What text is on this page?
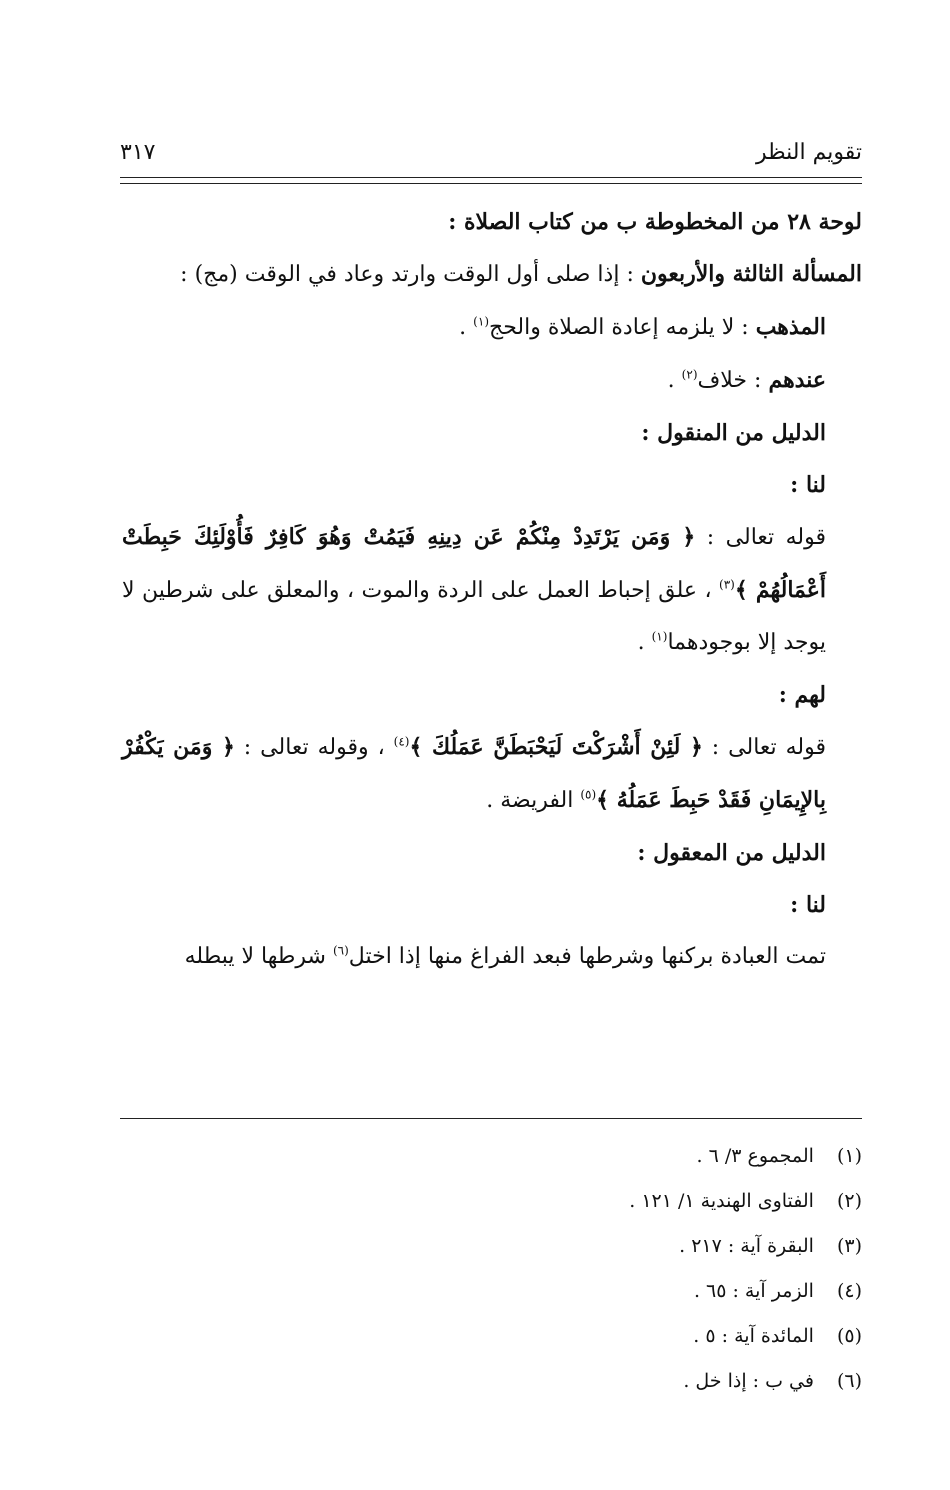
تقويم النظر
٣١٧

لوحة ٢٨ من المخطوطة ب من كتاب الصلاة :

المسألة الثالثة والأربعون : إذا صلى أول الوقت وارتد وعاد في الوقت (مج) :

المذهب : لا يلزمه إعادة الصلاة والحج$^{(١)}$ .

عندهم : خلاف$^{(٢)}$ .

الدليل من المنقول :

لنا :

قوله تعالى : ﴿ وَمَن يَرْتَدِدْ مِنْكُمْ عَن دِينِهِ فَيَمُتْ وَهُوَ كَافِرٌ فَأُوْلَئِكَ حَبِطَتْ أَعْمَالُهُمْ ﴾$^{(٣)}$ ، علق إحباط العمل على الردة والموت ، والمعلق على شرطين لا يوجد إلا بوجودهما$^{(١)}$ .

لهم :

قوله تعالى : ﴿ لَئِنْ أَشْرَكْتَ لَيَحْبَطَنَّ عَمَلُكَ ﴾$^{(٤)}$ ، وقوله تعالى : ﴿ وَمَن يَكْفُرْ بِالإِيمَانِ فَقَدْ حَبِطَ عَمَلُهُ ﴾$^{(٥)}$ الفريضة .

الدليل من المعقول :

لنا :

تمت العبادة بركنها وشرطها فبعد الفراغ منها إذا اختل$^{(٦)}$ شرطها لا يبطله

(١) المجموع ٣/ ٦ .

(٢) الفتاوى الهندية ١/ ١٢١ .

(٣) البقرة آية : ٢١٧ .

(٤) الزمر آية : ٦٥ .

(٥) المائدة آية : ٥ .

(٦) في ب : إذا خل .
